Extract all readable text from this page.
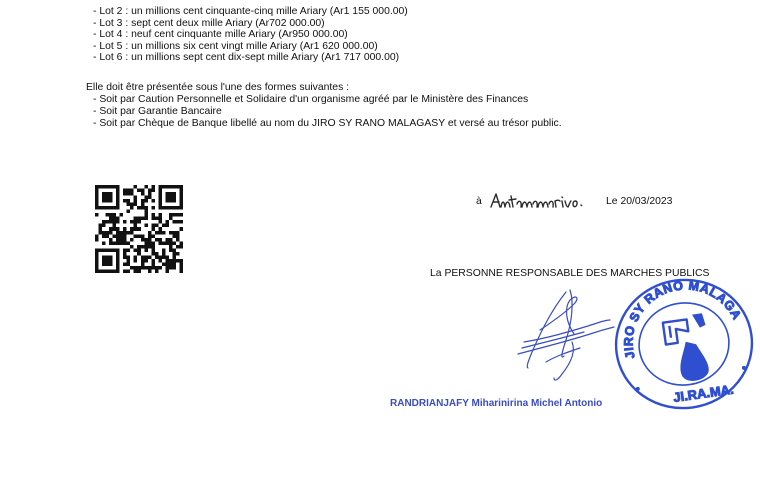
- Lot 2 : un millions cent cinquante-cinq mille Ariary (Ar1 155 000.00)
- Lot 3 : sept cent deux mille Ariary (Ar702 000.00)
- Lot 4 : neuf cent cinquante mille Ariary (Ar950 000.00)
- Lot 5 : un millions six cent vingt mille Ariary (Ar1 620 000.00)
- Lot 6 : un millions sept cent dix-sept mille Ariary (Ar1 717 000.00)
Elle doit être présentée sous l'une des formes suivantes :
- Soit par Caution Personnelle et Solidaire d'un organisme agréé par le Ministère des Finances
- Soit par Garantie Bancaire
- Soit par Chèque de Banque libellé au nom du JIRO SY RANO MALAGASY et versé au trésor public.
à	Le 20/03/2023
La PERSONNE RESPONSABLE DES MARCHES PUBLICS
JIRO SY RANO MALAGASY
JI.RA.MA.
RANDRIANJAFY Miharinirina Michel Antonio
